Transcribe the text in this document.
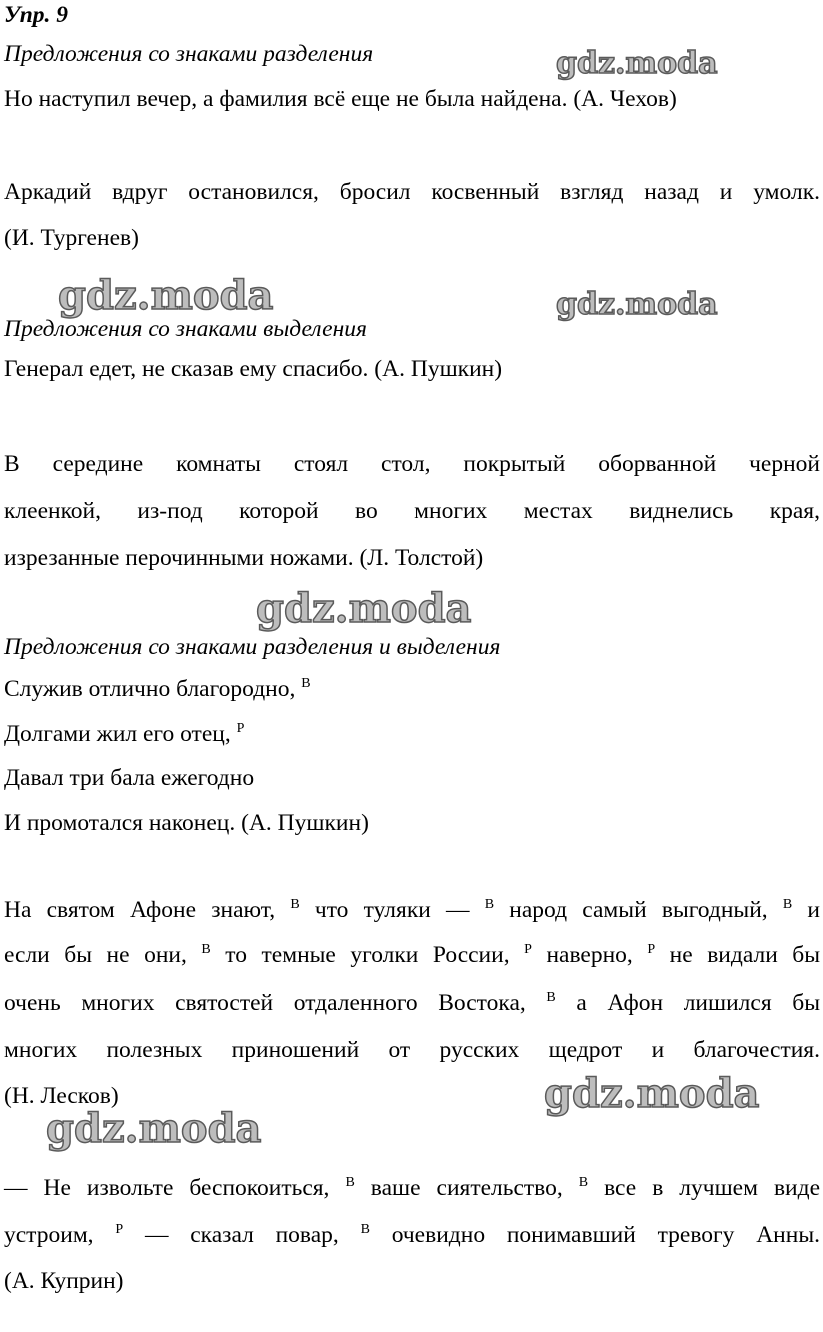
Упр. 9
Предложения со знаками разделения
Но наступил вечер, а фамилия всё еще не была найдена. (А. Чехов)
Аркадий вдруг остановился, бросил косвенный взгляд назад и умолк.
(И. Тургенев)
Предложения со знаками выделения
Генерал едет, не сказав ему спасибо. (А. Пушкин)
В середине комнаты стоял стол, покрытый оборванной черной
клеенкой, из-под которой во многих местах виднелись края,
изрезанные перочинными ножами. (Л. Толстой)
Предложения со знаками разделения и выделения
Служив отлично благородно, $^В$
Долгами жил его отец, $^Р$
Давал три бала ежегодно
И промотался наконец. (А. Пушкин)
На святом Афоне знают, $^В$ что туляки — $^В$ народ самый выгодный, $^В$ и
если бы не они, $^В$ то темные уголки России, $^Р$ наверно, $^Р$ не видали бы
очень многих святостей отдаленного Востока, $^В$ а Афон лишился бы
многих полезных приношений от русских щедрот и благочестия.
(Н. Лесков)
— Не извольте беспокоиться, $^В$ ваше сиятельство, $^В$ все в лучшем виде
устроим, $^Р$ — сказал повар, $^В$ очевидно понимавший тревогу Анны.
(А. Куприн)
gdz.moda
gdz.moda	gdz.moda
gdz.moda
gdz.moda
gdz.moda
